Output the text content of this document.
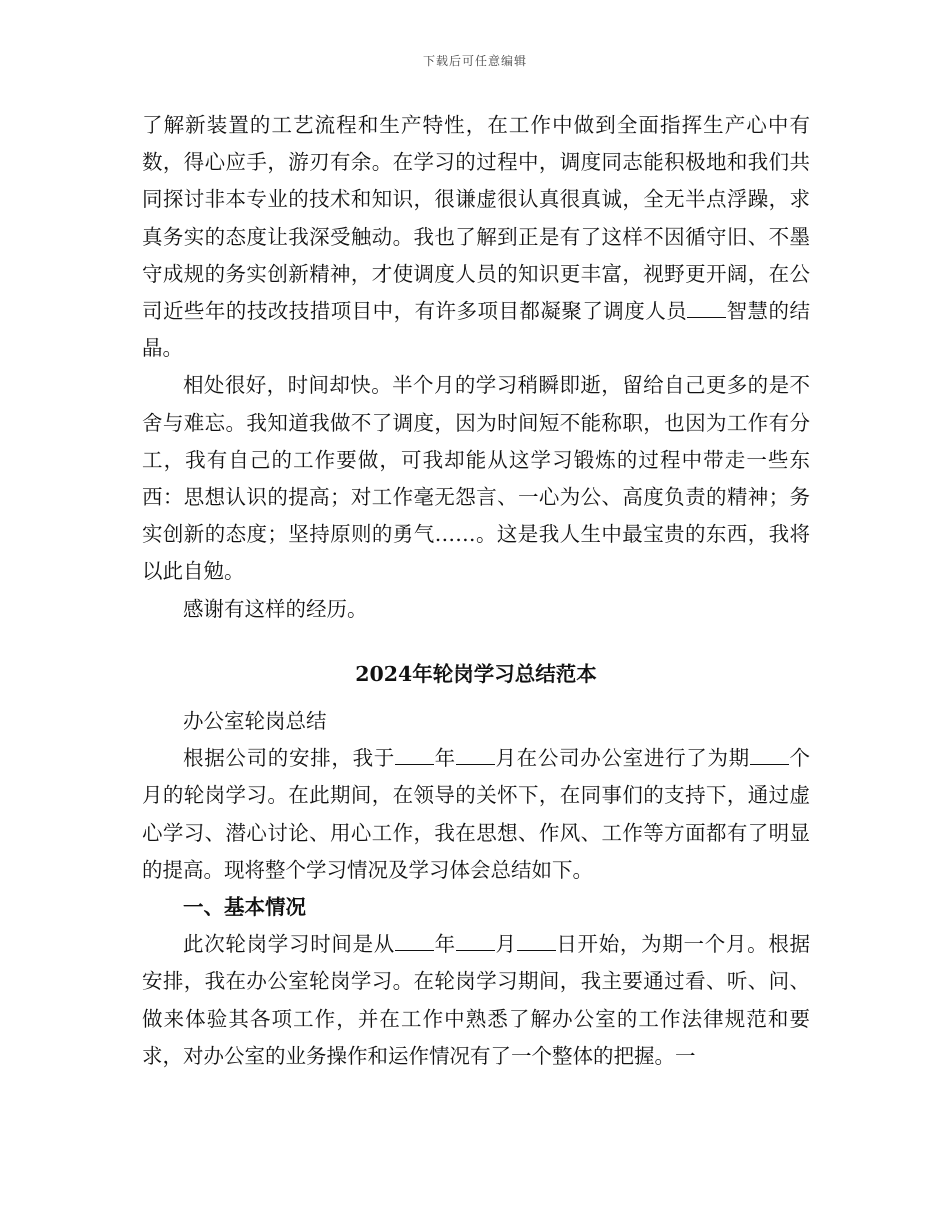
下载后可任意编辑

了解新装置的工艺流程和生产特性，在工作中做到全面指挥生产心中有数，得心应手，游刃有余。在学习的过程中，调度同志能积极地和我们共同探讨非本专业的技术和知识，很谦虚很认真很真诚，全无半点浮躁，求真务实的态度让我深受触动。我也了解到正是有了这样不因循守旧、不墨守成规的务实创新精神，才使调度人员的知识更丰富，视野更开阔，在公司近些年的技改技措项目中，有许多项目都凝聚了调度人员 智慧的结晶。

相处很好，时间却快。半个月的学习稍瞬即逝，留给自己更多的是不舍与难忘。我知道我做不了调度，因为时间短不能称职，也因为工作有分工，我有自己的工作要做，可我却能从这学习锻炼的过程中带走一些东西：思想认识的提高；对工作毫无怨言、一心为公、高度负责的精神；务实创新的态度；坚持原则的勇气……。这是我人生中最宝贵的东西，我将以此自勉。

感谢有这样的经历。

2024年轮岗学习总结范本

办公室轮岗总结

根据公司的安排，我于 年 月在公司办公室进行了为期 个月的轮岗学习。在此期间，在领导的关怀下，在同事们的支持下，通过虚心学习、潜心讨论、用心工作，我在思想、作风、工作等方面都有了明显的提高。现将整个学习情况及学习体会总结如下。

一、基本情况

此次轮岗学习时间是从 年 月 日开始，为期一个月。根据安排，我在办公室轮岗学习。在轮岗学习期间，我主要通过看、听、问、做来体验其各项工作，并在工作中熟悉了解办公室的工作法律规范和要求，对办公室的业务操作和运作情况有了一个整体的把握。一
